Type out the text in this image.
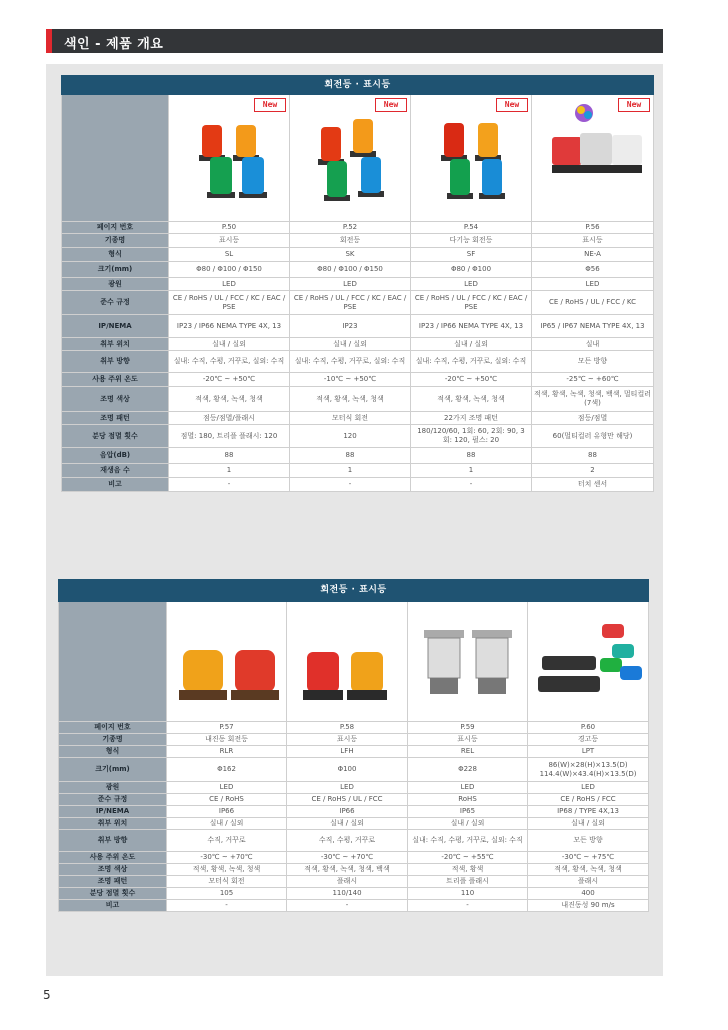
색인 - 제품 개요
회전등 · 표시등				

	New	New	New	New

페이지 번호	P.50	P.52	P.54	P.56
기종명	표시등	회전등	다기능 회전등	표시등
형식	SL	SK	SF	NE-A
크기(mm)	Φ80 / Φ100 / Φ150	Φ80 / Φ100 / Φ150	Φ80 / Φ100	Φ56
광원	LED	LED	LED	LED
준수 규정	CE / RoHS / UL / FCC / KC / EAC / PSE	CE / RoHS / UL / FCC / KC / EAC / PSE	CE / RoHS / UL / FCC / KC / EAC / PSE	CE / RoHS / UL / FCC / KC
IP/NEMA	IP23 / IP66 NEMA TYPE 4X, 13	IP23	IP23 / IP66 NEMA TYPE 4X, 13	IP65 / IP67 NEMA TYPE 4X, 13
취부 위치	실내 / 실외	실내 / 실외	실내 / 실외	실내
취부 방향	실내: 수직, 수평, 거꾸로, 실외: 수직	실내: 수직, 수평, 거꾸로, 실외: 수직	실내: 수직, 수평, 거꾸로, 실외: 수직	모든 방향
사용 주위 온도	-20℃ ~ +50℃	-10℃ ~ +50℃	-20℃ ~ +50℃	-25℃ ~ +60℃
조명 색상	적색, 황색, 녹색, 청색	적색, 황색, 녹색, 청색	적색, 황색, 녹색, 청색	적색, 황색, 녹색, 청색, 백색, 멀티컬러(7색)
조명 패턴	점등/점멸/플래시	모터식 회전	22가지 조명 패턴	점등/점멸
분당 점멸 횟수	점멸: 180, 트리플 플래시: 120	120	180/120/60, 1회: 60, 2회: 90, 3회: 120, 펄스: 20	60(멀티컬러 유형만 해당)
음압(dB)	88	88	88	88
재생음 수	1	1	1	2
비고	-	-	-	터치 센서
회전등 · 표시등				

페이지 번호	P.57	P.58	P.59	P.60
기종명	내진동 회전등	표시등	표시등	경고등
형식	RLR	LFH	REL	LPT
크기(mm)	Φ162	Φ100	Φ228	86(W)×28(H)×13.5(D) 114.4(W)×43.4(H)×13.5(D)
광원	LED	LED	LED	LED
준수 규정	CE / RoHS	CE / RoHS / UL / FCC	RoHS	CE / RoHS / FCC
IP/NEMA	IP66	IP66	IP65	IP68 / TYPE 4X,13
취부 위치	실내 / 실외	실내 / 실외	실내 / 실외	실내 / 실외
취부 방향	수직, 거꾸로	수직, 수평, 거꾸로	실내: 수직, 수평, 거꾸로, 실외: 수직	모든 방향
사용 주위 온도	-30℃ ~ +70℃	-30℃ ~ +70℃	-20℃ ~ +55℃	-30℃ ~ +75℃
조명 색상	적색, 황색, 녹색, 청색	적색, 황색, 녹색, 청색, 백색	적색, 황색	적색, 황색, 녹색, 청색
조명 패턴	모터식 회전	플래시	트리플 플래시	플래시
분당 점멸 횟수	105	110/140	110	400
비고	-	-	-	내진동성 90 m/s
5
